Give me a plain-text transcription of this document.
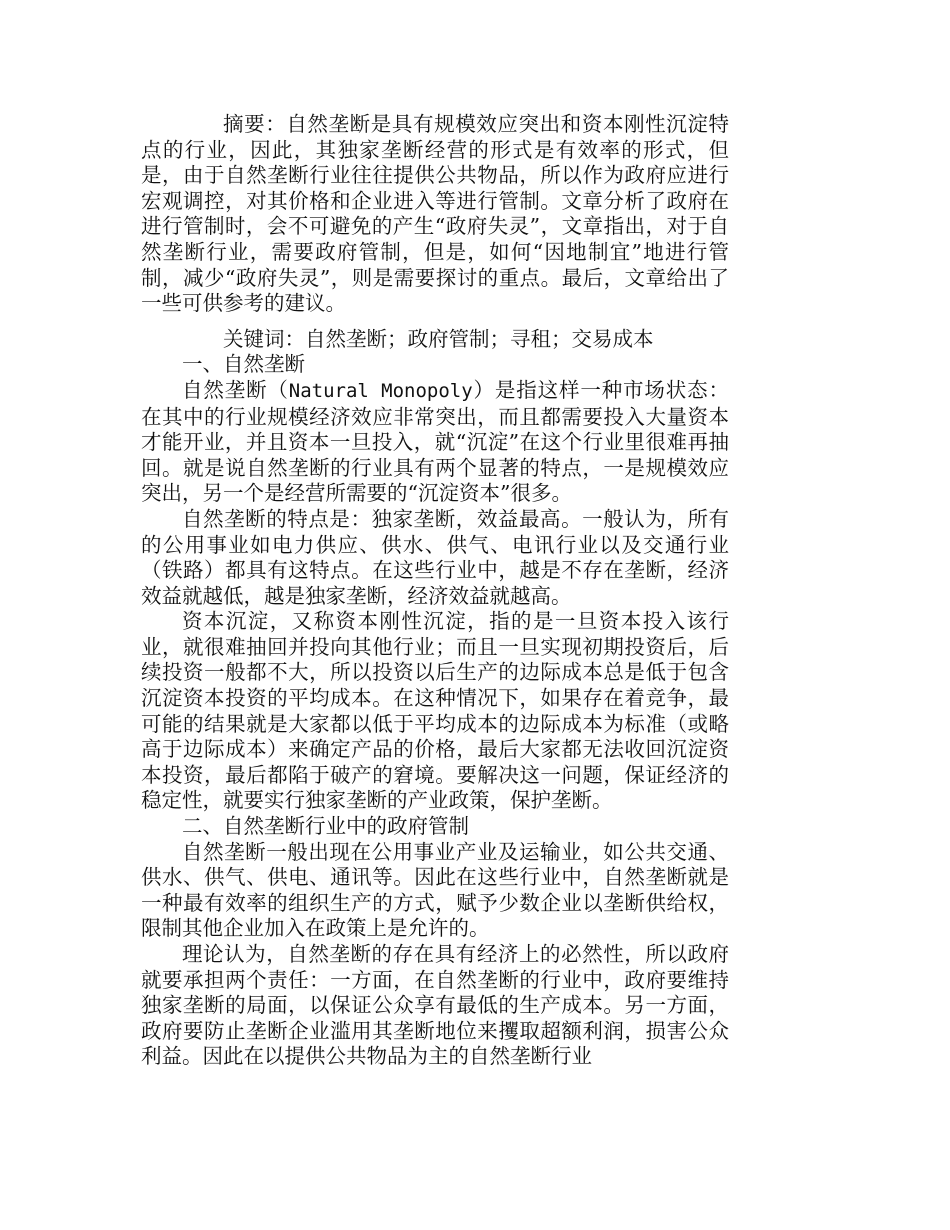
摘要：自然垄断是具有规模效应突出和资本刚性沉淀特点的行业，因此，其独家垄断经营的形式是有效率的形式，但是，由于自然垄断行业往往提供公共物品，所以作为政府应进行宏观调控，对其价格和企业进入等进行管制。文章分析了政府在进行管制时，会不可避免的产生“政府失灵”，文章指出，对于自然垄断行业，需要政府管制，但是，如何“因地制宜”地进行管制，减少“政府失灵”，则是需要探讨的重点。最后，文章给出了一些可供参考的建议。

关键词：自然垄断；政府管制；寻租；交易成本

一、自然垄断

自然垄断（Natural Monopoly）是指这样一种市场状态：在其中的行业规模经济效应非常突出，而且都需要投入大量资本才能开业，并且资本一旦投入，就“沉淀”在这个行业里很难再抽回。就是说自然垄断的行业具有两个显著的特点，一是规模效应突出，另一个是经营所需要的“沉淀资本”很多。

自然垄断的特点是：独家垄断，效益最高。一般认为，所有的公用事业如电力供应、供水、供气、电讯行业以及交通行业（铁路）都具有这特点。在这些行业中，越是不存在垄断，经济效益就越低，越是独家垄断，经济效益就越高。

资本沉淀，又称资本刚性沉淀，指的是一旦资本投入该行业，就很难抽回并投向其他行业；而且一旦实现初期投资后，后续投资一般都不大，所以投资以后生产的边际成本总是低于包含沉淀资本投资的平均成本。在这种情况下，如果存在着竞争，最可能的结果就是大家都以低于平均成本的边际成本为标准（或略高于边际成本）来确定产品的价格，最后大家都无法收回沉淀资本投资，最后都陷于破产的窘境。要解决这一问题，保证经济的稳定性，就要实行独家垄断的产业政策，保护垄断。

二、自然垄断行业中的政府管制

自然垄断一般出现在公用事业产业及运输业，如公共交通、供水、供气、供电、通讯等。因此在这些行业中，自然垄断就是一种最有效率的组织生产的方式，赋予少数企业以垄断供给权，限制其他企业加入在政策上是允许的。

理论认为，自然垄断的存在具有经济上的必然性，所以政府就要承担两个责任：一方面，在自然垄断的行业中，政府要维持独家垄断的局面，以保证公众享有最低的生产成本。另一方面，政府要防止垄断企业滥用其垄断地位来攫取超额利润，损害公众利益。因此在以提供公共物品为主的自然垄断行业
